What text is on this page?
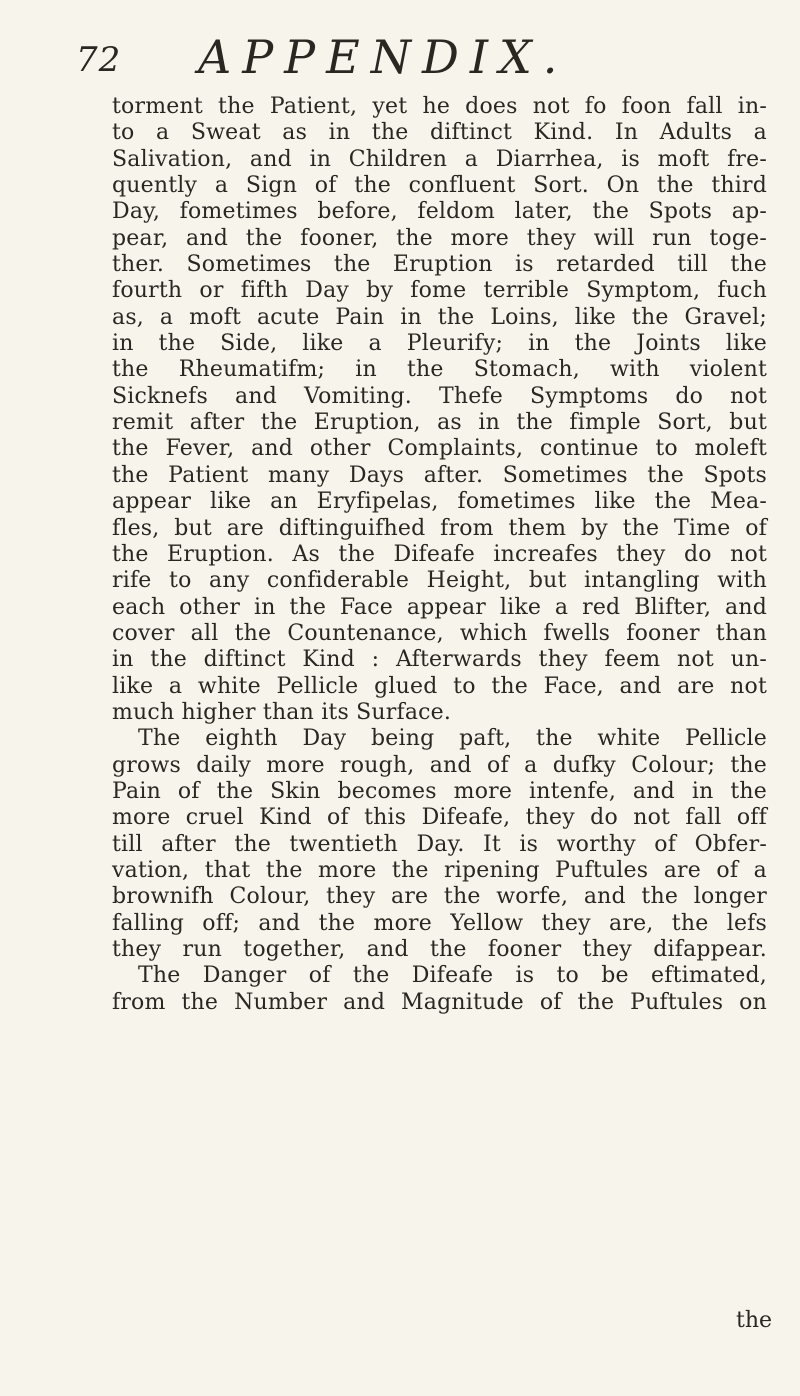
72 APPENDIX.
torment the Patient, yet he does not fo foon fall in-
to a Sweat as in the diftinct Kind. In Adults a
Salivation, and in Children a Diarrhea, is moft fre-
quently a Sign of the confluent Sort. On the third
Day, fometimes before, feldom later, the Spots ap-
pear, and the fooner, the more they will run toge-
ther. Sometimes the Eruption is retarded till the
fourth or fifth Day by fome terrible Symptom, fuch
as, a moft acute Pain in the Loins, like the Gravel;
in the Side, like a Pleurify; in the Joints like
the Rheumatifm; in the Stomach, with violent
Sicknefs and Vomiting. Thefe Symptoms do not
remit after the Eruption, as in the fimple Sort, but
the Fever, and other Complaints, continue to moleft
the Patient many Days after. Sometimes the Spots
appear like an Eryfipelas, fometimes like the Mea-
fles, but are diftinguifhed from them by the Time of
the Eruption. As the Difeafe increafes they do not
rife to any confiderable Height, but intangling with
each other in the Face appear like a red Blifter, and
cover all the Countenance, which fwells fooner than
in the diftinct Kind : Afterwards they feem not un-
like a white Pellicle glued to the Face, and are not
much higher than its Surface.
The eighth Day being paft, the white Pellicle
grows daily more rough, and of a dufky Colour; the
Pain of the Skin becomes more intenfe, and in the
more cruel Kind of this Difeafe, they do not fall off
till after the twentieth Day. It is worthy of Obfer-
vation, that the more the ripening Puftules are of a
brownifh Colour, they are the worfe, and the longer
falling off; and the more Yellow they are, the lefs
they run together, and the fooner they difappear.
The Danger of the Difeafe is to be eftimated,
from the Number and Magnitude of the Puftules on
the
